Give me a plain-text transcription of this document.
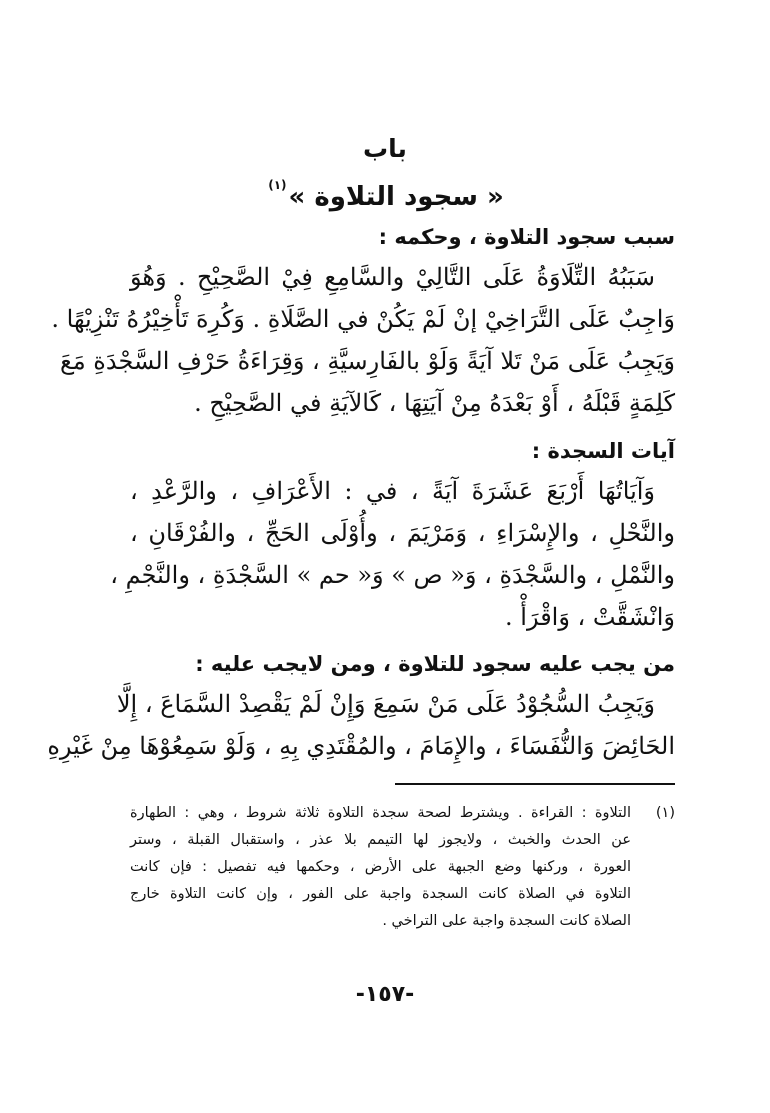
باب
« سجود التلاوة »$^{(١)}$
سبب سجود التلاوة ، وحكمه :
سَبَبُهُ التِّلَاوَةُ عَلَى التَّالِيْ والسَّامِعِ فِيْ الصَّحِيْحِ . وَهُوَ
وَاجِبٌ عَلَى التَّرَاخِيْ إنْ لَمْ يَكُنْ في الصَّلَاةِ . وَكُرِهَ تَأْخِيْرُهُ تَنْزِيْهًا .
وَيَجِبُ عَلَى مَنْ تَلا آيَةً وَلَوْ بالفَارِسيَّةِ ، وَقِرَاءَةُ حَرْفِ السَّجْدَةِ مَعَ
كَلِمَةٍ قَبْلَهُ ، أَوْ بَعْدَهُ مِنْ آيَتِهَا ، كَالآيَةِ في الصَّحِيْحِ .
آيات السجدة :
وَآيَاتُهَا أَرْبَعَ عَشَرَةَ آيَةً ، في : الأَعْرَافِ ، والرَّعْدِ ،
والنَّحْلِ ، والإِسْرَاءِ ، وَمَرْيَمَ ، وأُوْلَى الحَجِّ ، والفُرْقَانِ ،
والنَّمْلِ ، والسَّجْدَةِ ، وَ« ص » وَ« حم » السَّجْدَةِ ، والنَّجْمِ ،
وَانْشَقَّتْ ، وَاقْرَأْ .
من يجب عليه سجود للتلاوة ، ومن لايجب عليه :
وَيَجِبُ السُّجُوْدُ عَلَى مَنْ سَمِعَ وَإِنْ لَمْ يَقْصِدْ السَّمَاعَ ، إِلَّا
الحَائِضَ وَالنُّفَسَاءَ ، والإِمَامَ ، والمُقْتَدِي بِهِ ، وَلَوْ سَمِعُوْهَا مِنْ غَيْرِهِ
(١)
التلاوة : القراءة . ويشترط لصحة سجدة التلاوة ثلاثة شروط ، وهي : الطهارة
عن الحدث والخبث ، ولايجوز لها التيمم بلا عذر ، واستقبال القبلة ، وستر
العورة ، وركنها وضع الجبهة على الأرض ، وحكمها فيه تفصيل : فإن كانت
التلاوة في الصلاة كانت السجدة واجبة على الفور ، وإن كانت التلاوة خارج
الصلاة كانت السجدة واجبة على التراخي .
-١٥٧-
